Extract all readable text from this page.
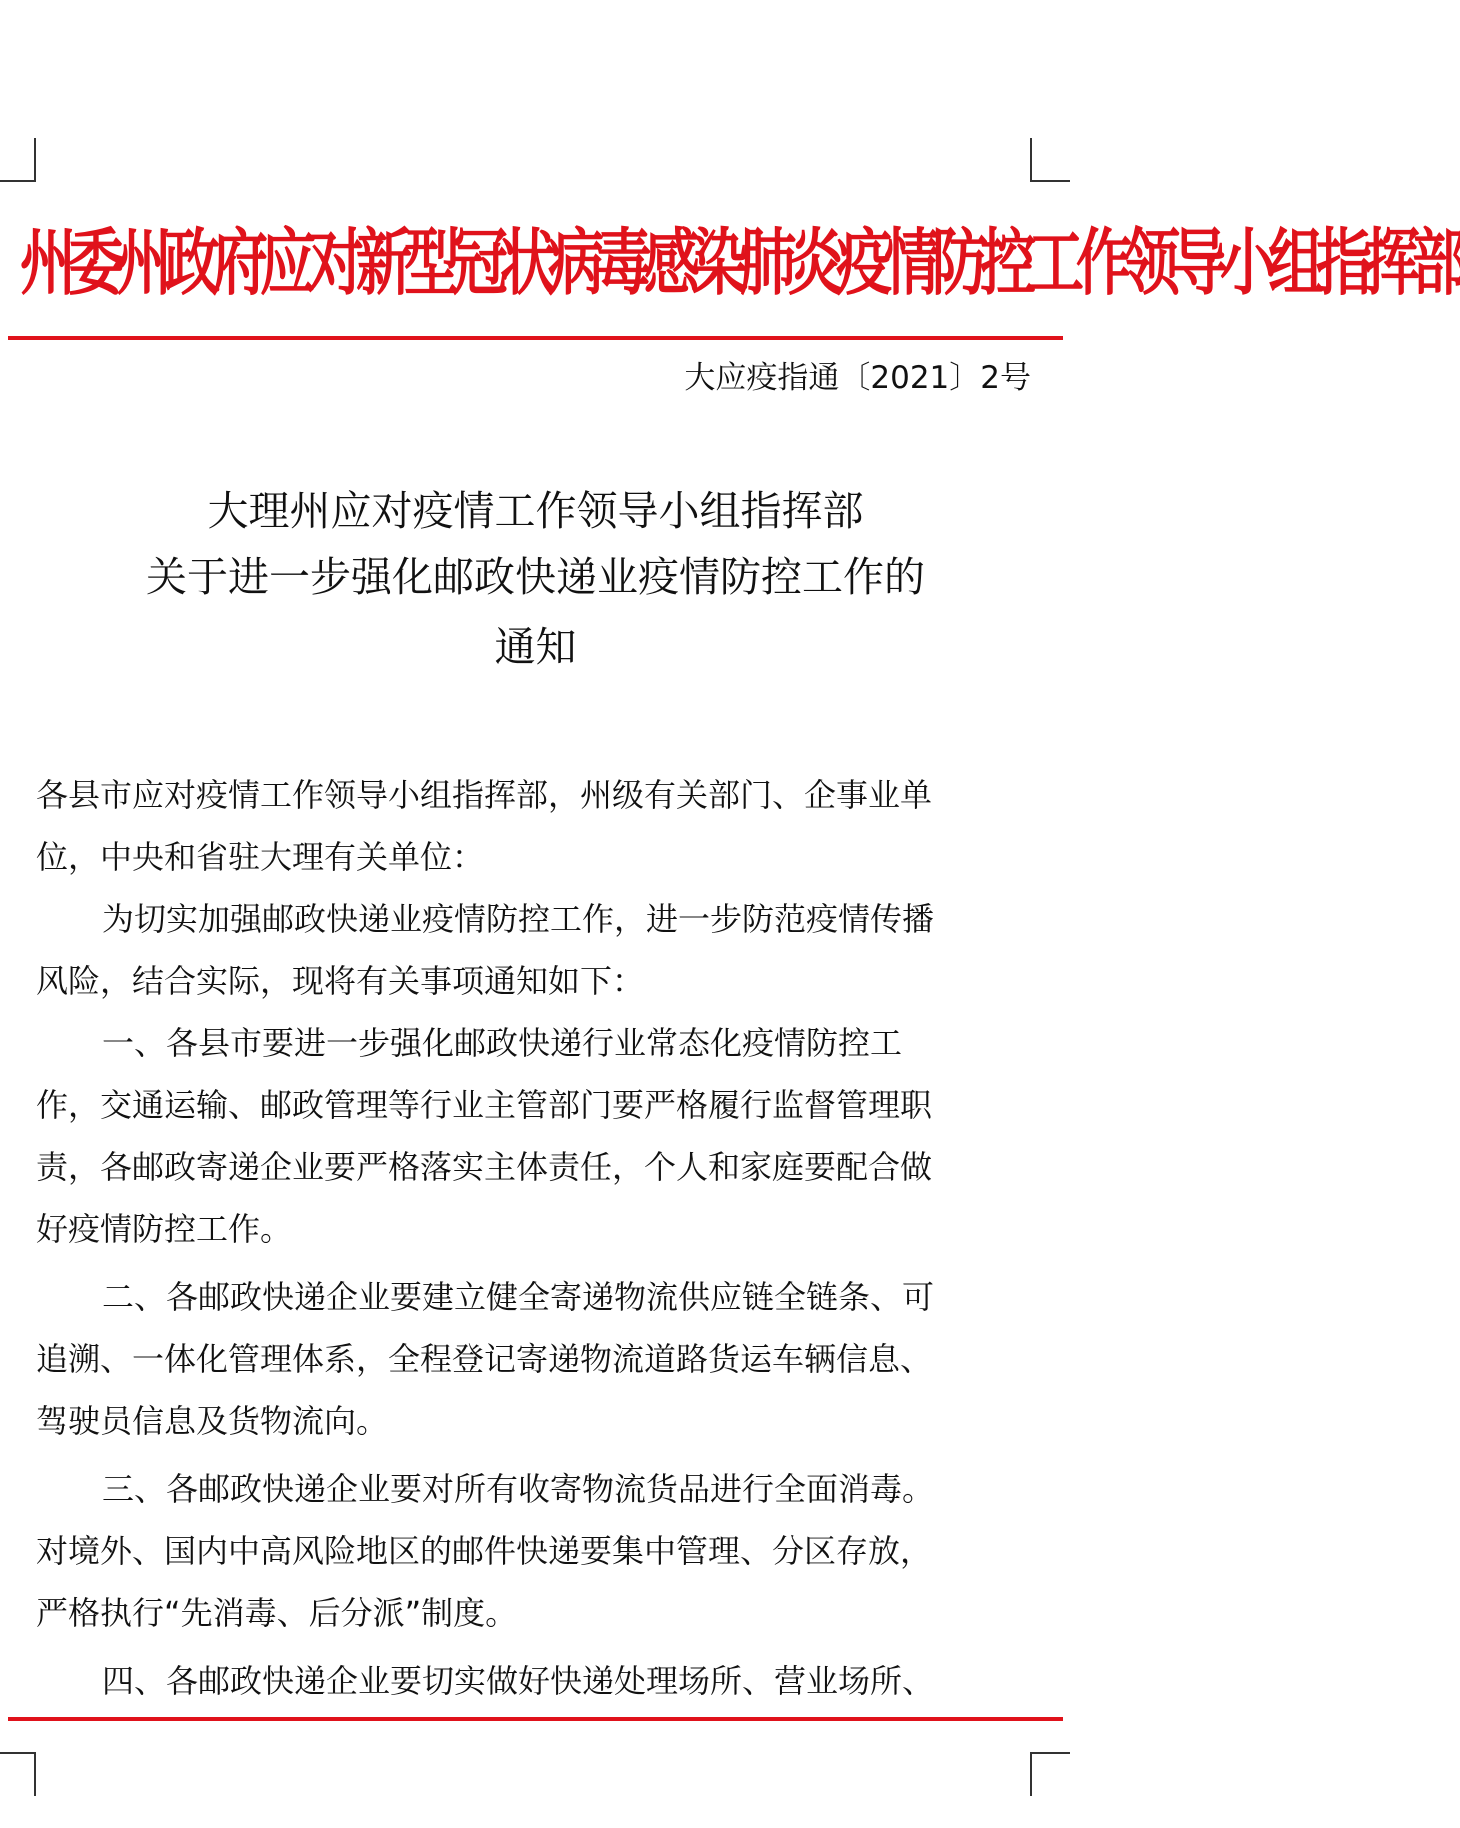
州委州政府应对新型冠状病毒感染肺炎疫情防控工作领导小组指挥部
大应疫指通〔2021〕2号
大理州应对疫情工作领导小组指挥部
关于进一步强化邮政快递业疫情防控工作的
通知
各县市应对疫情工作领导小组指挥部，州级有关部门、企事业单
位，中央和省驻大理有关单位：
为切实加强邮政快递业疫情防控工作，进一步防范疫情传播
风险，结合实际，现将有关事项通知如下：
一、各县市要进一步强化邮政快递行业常态化疫情防控工
作，交通运输、邮政管理等行业主管部门要严格履行监督管理职
责，各邮政寄递企业要严格落实主体责任，个人和家庭要配合做
好疫情防控工作。
二、各邮政快递企业要建立健全寄递物流供应链全链条、可
追溯、一体化管理体系，全程登记寄递物流道路货运车辆信息、
驾驶员信息及货物流向。
三、各邮政快递企业要对所有收寄物流货品进行全面消毒。
对境外、国内中高风险地区的邮件快递要集中管理、分区存放，
严格执行“先消毒、后分派”制度。
四、各邮政快递企业要切实做好快递处理场所、营业场所、
